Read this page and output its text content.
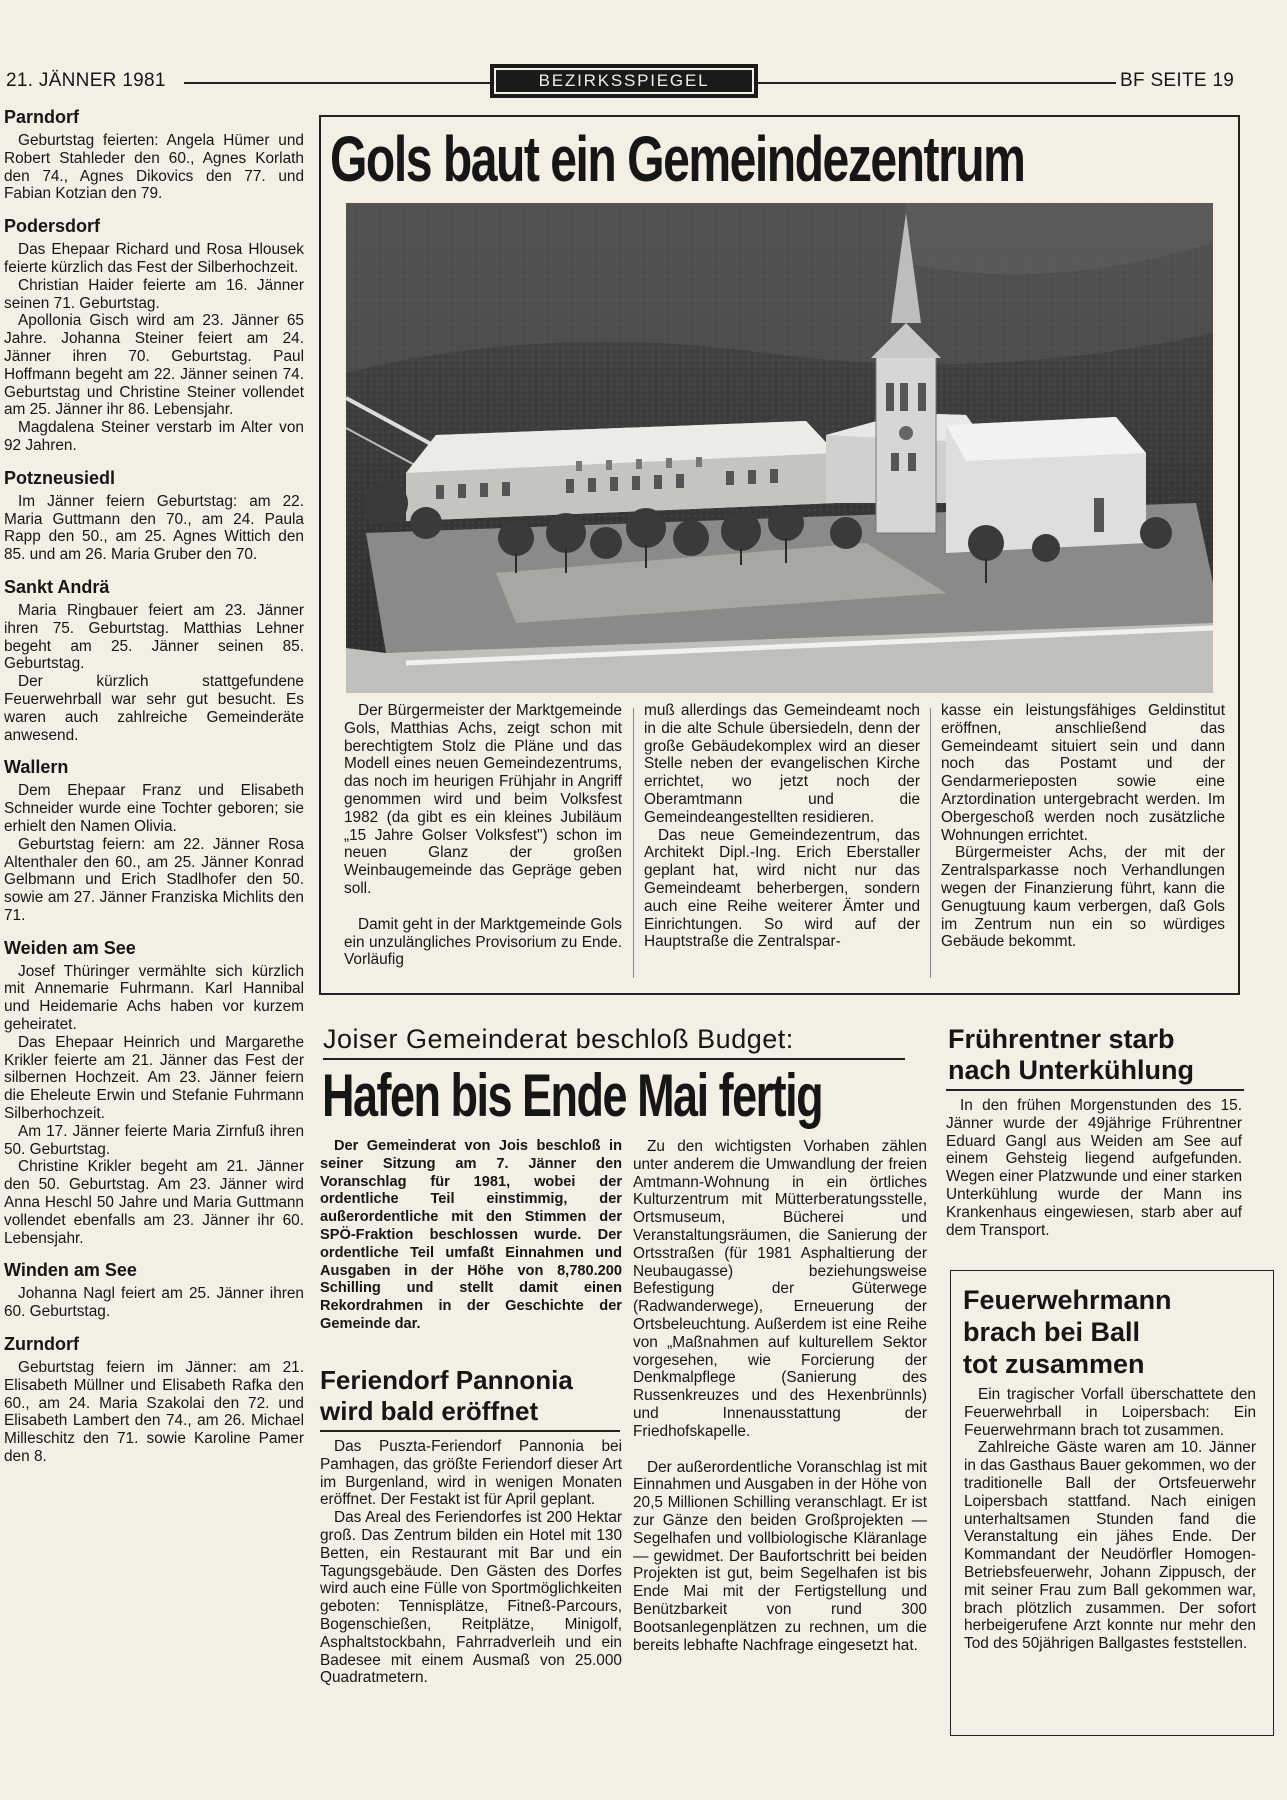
21. JÄNNER 1981	BEZIRKSSPIEGEL	BF SEITE 19
Parndorf

Geburtstag feierten: Angela Hümer und Robert Stahleder den 60., Agnes Korlath den 74., Agnes Dikovics den 77. und Fabian Kotzian den 79.

Podersdorf

Das Ehepaar Richard und Rosa Hlousek feierte kürzlich das Fest der Silberhochzeit.

Christian Haider feierte am 16. Jänner seinen 71. Geburtstag.

Apollonia Gisch wird am 23. Jänner 65 Jahre. Johanna Steiner feiert am 24. Jänner ihren 70. Geburtstag. Paul Hoffmann begeht am 22. Jänner seinen 74. Geburtstag und Christine Steiner vollendet am 25. Jänner ihr 86. Lebensjahr.

Magdalena Steiner verstarb im Alter von 92 Jahren.

Potzneusiedl

Im Jänner feiern Geburtstag: am 22. Maria Guttmann den 70., am 24. Paula Rapp den 50., am 25. Agnes Wittich den 85. und am 26. Maria Gruber den 70.

Sankt Andrä

Maria Ringbauer feiert am 23. Jänner ihren 75. Geburtstag. Matthias Lehner begeht am 25. Jänner seinen 85. Geburtstag.

Der kürzlich stattgefundene Feuerwehrball war sehr gut besucht. Es waren auch zahlreiche Gemeinderäte anwesend.

Wallern

Dem Ehepaar Franz und Elisabeth Schneider wurde eine Tochter geboren; sie erhielt den Namen Olivia.

Geburtstag feiern: am 22. Jänner Rosa Altenthaler den 60., am 25. Jänner Konrad Gelbmann und Erich Stadlhofer den 50. sowie am 27. Jänner Franziska Michlits den 71.

Weiden am See

Josef Thüringer vermählte sich kürzlich mit Annemarie Fuhrmann. Karl Hannibal und Heidemarie Achs haben vor kurzem geheiratet.

Das Ehepaar Heinrich und Margarethe Krikler feierte am 21. Jänner das Fest der silbernen Hochzeit. Am 23. Jänner feiern die Eheleute Erwin und Stefanie Fuhrmann Silberhochzeit.

Am 17. Jänner feierte Maria Zirnfuß ihren 50. Geburtstag.

Christine Krikler begeht am 21. Jänner den 50. Geburtstag. Am 23. Jänner wird Anna Heschl 50 Jahre und Maria Guttmann vollendet ebenfalls am 23. Jänner ihr 60. Lebensjahr.

Winden am See

Johanna Nagl feiert am 25. Jänner ihren 60. Geburtstag.

Zurndorf

Geburtstag feiern im Jänner: am 21. Elisabeth Müllner und Elisabeth Rafka den 60., am 24. Maria Szakolai den 72. und Elisabeth Lambert den 74., am 26. Michael Milleschitz den 71. sowie Karoline Pamer den 8.

Gols baut ein Gemeindezentrum

Der Bürgermeister der Marktgemeinde Gols, Matthias Achs, zeigt schon mit berechtigtem Stolz die Pläne und das Modell eines neuen Gemeindezentrums, das noch im heurigen Frühjahr in Angriff genommen wird und beim Volksfest 1982 (da gibt es ein kleines Jubiläum „15 Jahre Golser Volksfest") schon im neuen Glanz der großen Weinbaugemeinde das Gepräge geben soll.

Damit geht in der Marktgemeinde Gols ein unzulängliches Provisorium zu Ende. Vorläufig

muß allerdings das Gemeindeamt noch in die alte Schule übersiedeln, denn der große Gebäudekomplex wird an dieser Stelle neben der evangelischen Kirche errichtet, wo jetzt noch der Oberamtmann und die Gemeindeangestellten residieren.

Das neue Gemeindezentrum, das Architekt Dipl.-Ing. Erich Eberstaller geplant hat, wird nicht nur das Gemeindeamt beherbergen, sondern auch eine Reihe weiterer Ämter und Einrichtungen. So wird auf der Hauptstraße die Zentralspar-

kasse ein leistungsfähiges Geldinstitut eröffnen, anschließend das Gemeindeamt situiert sein und dann noch das Postamt und der Gendarmerieposten sowie eine Arztordination untergebracht werden. Im Obergeschoß werden noch zusätzliche Wohnungen errichtet.

Bürgermeister Achs, der mit der Zentralsparkasse noch Verhandlungen wegen der Finanzierung führt, kann die Genugtuung kaum verbergen, daß Gols im Zentrum nun ein so würdiges Gebäude bekommt.

Joiser Gemeinderat beschloß Budget:
Hafen bis Ende Mai fertig

Der Gemeinderat von Jois beschloß in seiner Sitzung am 7. Jänner den Voranschlag für 1981, wobei der ordentliche Teil einstimmig, der außerordentliche mit den Stimmen der SPÖ-Fraktion beschlossen wurde. Der ordentliche Teil umfaßt Einnahmen und Ausgaben in der Höhe von 8,780.200 Schilling und stellt damit einen Rekordrahmen in der Geschichte der Gemeinde dar.

Zu den wichtigsten Vorhaben zählen unter anderem die Umwandlung der freien Amtmann-Wohnung in ein örtliches Kulturzentrum mit Mütterberatungsstelle, Ortsmuseum, Bücherei und Veranstaltungsräumen, die Sanierung der Ortsstraßen (für 1981 Asphaltierung der Neubaugasse) beziehungsweise Befestigung der Güterwege (Radwanderwege), Erneuerung der Ortsbeleuchtung. Außerdem ist eine Reihe von „Maßnahmen auf kulturellem Sektor vorgesehen, wie Forcierung der Denkmalpflege (Sanierung des Russenkreuzes und des Hexenbrünnls) und Innenausstattung der Friedhofskapelle.

Der außerordentliche Voranschlag ist mit Einnahmen und Ausgaben in der Höhe von 20,5 Millionen Schilling veranschlagt. Er ist zur Gänze den beiden Großprojekten — Segelhafen und vollbiologische Kläranlage — gewidmet. Der Baufortschritt bei beiden Projekten ist gut, beim Segelhafen ist bis Ende Mai mit der Fertigstellung und Benützbarkeit von rund 300 Bootsanlegenplätzen zu rechnen, um die bereits lebhafte Nachfrage eingesetzt hat.

Feriendorf Pannonia
wird bald eröffnet

Das Puszta-Feriendorf Pannonia bei Pamhagen, das größte Feriendorf dieser Art im Burgenland, wird in wenigen Monaten eröffnet. Der Festakt ist für April geplant.

Das Areal des Feriendorfes ist 200 Hektar groß. Das Zentrum bilden ein Hotel mit 130 Betten, ein Restaurant mit Bar und ein Tagungsgebäude. Den Gästen des Dorfes wird auch eine Fülle von Sportmöglichkeiten geboten: Tennisplätze, Fitneß-Parcours, Bogenschießen, Reitplätze, Minigolf, Asphaltstockbahn, Fahrradverleih und ein Badesee mit einem Ausmaß von 25.000 Quadratmetern.

Frührentner starb
nach Unterkühlung

In den frühen Morgenstunden des 15. Jänner wurde der 49jährige Frührentner Eduard Gangl aus Weiden am See auf einem Gehsteig liegend aufgefunden. Wegen einer Platzwunde und einer starken Unterkühlung wurde der Mann ins Krankenhaus eingewiesen, starb aber auf dem Transport.

Feuerwehrmann
brach bei Ball
tot zusammen

Ein tragischer Vorfall überschattete den Feuerwehrball in Loipersbach: Ein Feuerwehrmann brach tot zusammen.

Zahlreiche Gäste waren am 10. Jänner in das Gasthaus Bauer gekommen, wo der traditionelle Ball der Ortsfeuerwehr Loipersbach stattfand. Nach einigen unterhaltsamen Stunden fand die Veranstaltung ein jähes Ende. Der Kommandant der Neudörfler Homogen-Betriebsfeuerwehr, Johann Zippusch, der mit seiner Frau zum Ball gekommen war, brach plötzlich zusammen. Der sofort herbeigerufene Arzt konnte nur mehr den Tod des 50jährigen Ballgastes feststellen.
